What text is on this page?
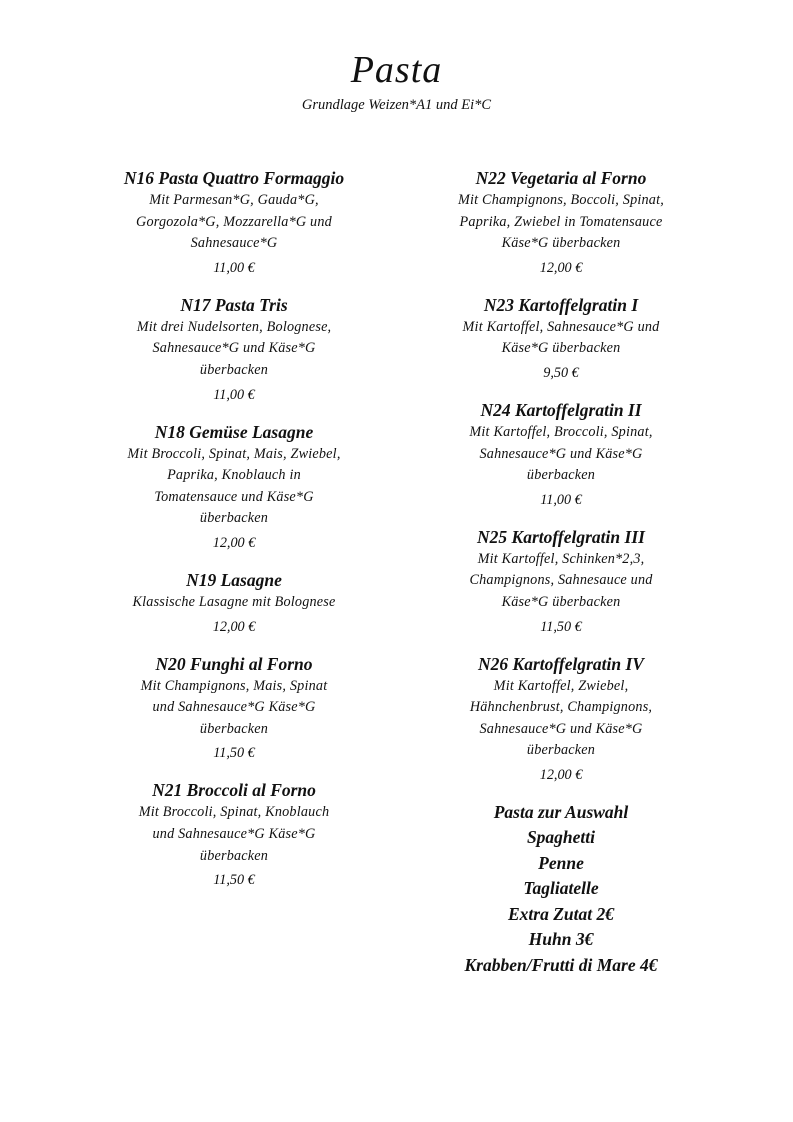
Pasta
Grundlage Weizen*A1 und Ei*C
N16 Pasta Quattro Formaggio
Mit Parmesan*G, Gauda*G,
Gorgozola*G, Mozzarella*G und
Sahnesauce*G
11,00 €
N17 Pasta Tris
Mit drei Nudelsorten, Bolognese,
Sahnesauce*G und Käse*G
überbacken
11,00 €
N18 Gemüse Lasagne
Mit Broccoli, Spinat, Mais, Zwiebel,
Paprika, Knoblauch in
Tomatensauce und Käse*G
überbacken
12,00 €
N19 Lasagne
Klassische Lasagne mit Bolognese
12,00 €
N20 Funghi al Forno
Mit Champignons, Mais, Spinat
und Sahnesauce*G Käse*G
überbacken
11,50 €
N21 Broccoli al Forno
Mit Broccoli, Spinat, Knoblauch
und Sahnesauce*G Käse*G
überbacken
11,50 €
N22 Vegetaria al Forno
Mit Champignons, Boccoli, Spinat,
Paprika, Zwiebel in Tomatensauce
Käse*G überbacken
12,00 €
N23 Kartoffelgratin I
Mit Kartoffel, Sahnesauce*G und
Käse*G überbacken
9,50 €
N24 Kartoffelgratin II
Mit Kartoffel, Broccoli, Spinat,
Sahnesauce*G und Käse*G
überbacken
11,00 €
N25 Kartoffelgratin III
Mit Kartoffel, Schinken*2,3,
Champignons, Sahnesauce und
Käse*G überbacken
11,50 €
N26 Kartoffelgratin IV
Mit Kartoffel, Zwiebel,
Hähnchenbrust, Champignons,
Sahnesauce*G und Käse*G
überbacken
12,00 €
Pasta zur Auswahl
Spaghetti
Penne
Tagliatelle
Extra Zutat 2€
Huhn 3€
Krabben/Frutti di Mare 4€
